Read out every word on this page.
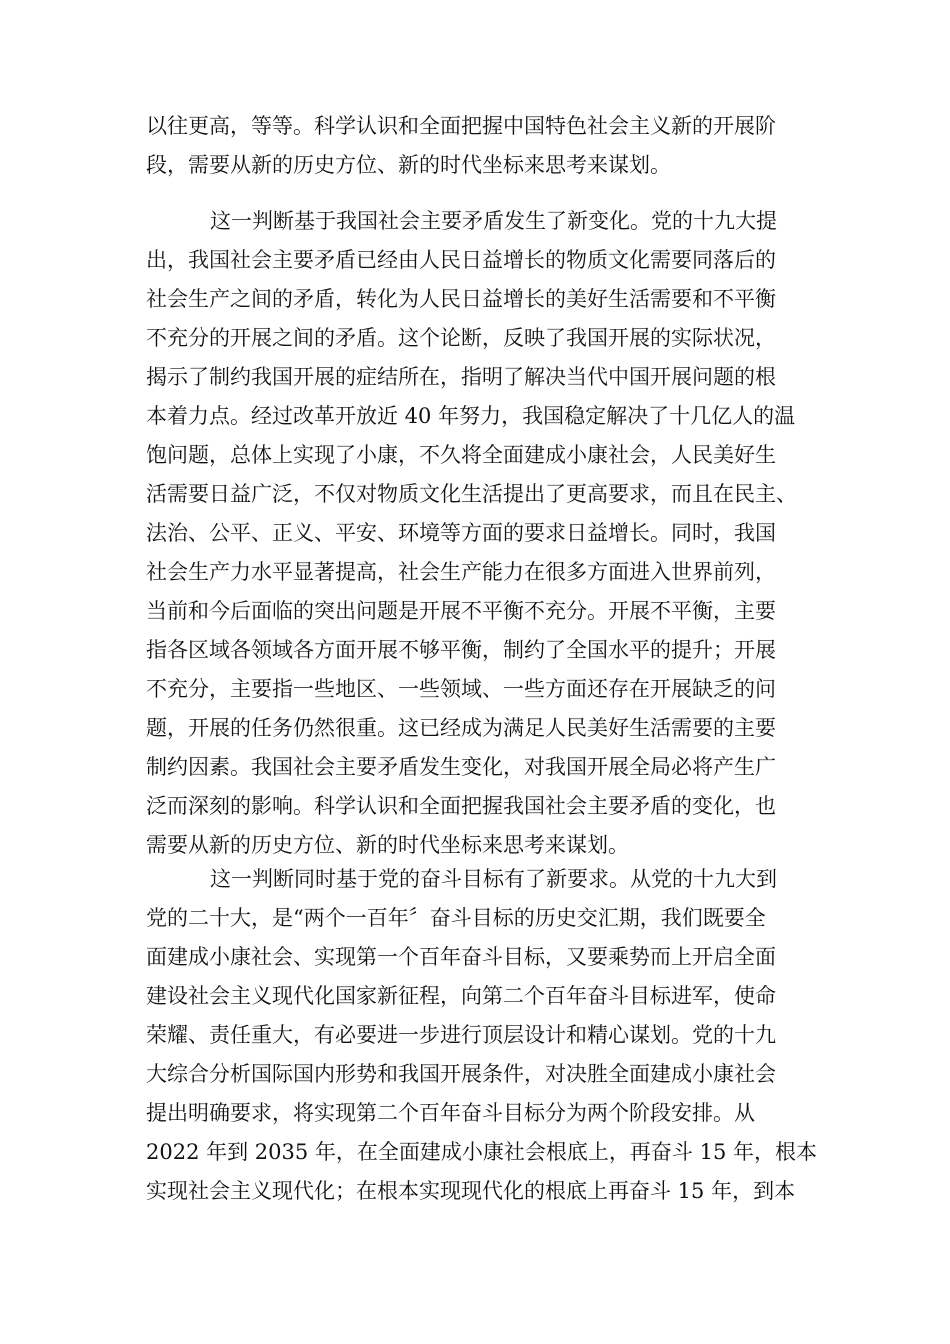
以往更高，等等。科学认识和全面把握中国特色社会主义新的开展阶
段，需要从新的历史方位、新的时代坐标来思考来谋划。
这一判断基于我国社会主要矛盾发生了新变化。党的十九大提
出，我国社会主要矛盾已经由人民日益增长的物质文化需要同落后的
社会生产之间的矛盾，转化为人民日益增长的美好生活需要和不平衡
不充分的开展之间的矛盾。这个论断，反映了我国开展的实际状况，
揭示了制约我国开展的症结所在，指明了解决当代中国开展问题的根
本着力点。经过改革开放近 40 年努力，我国稳定解决了十几亿人的温
饱问题，总体上实现了小康，不久将全面建成小康社会，人民美好生
活需要日益广泛，不仅对物质文化生活提出了更高要求，而且在民主、
法治、公平、正义、平安、环境等方面的要求日益增长。同时，我国
社会生产力水平显著提高，社会生产能力在很多方面进入世界前列，
当前和今后面临的突出问题是开展不平衡不充分。开展不平衡，主要
指各区域各领域各方面开展不够平衡，制约了全国水平的提升；开展
不充分，主要指一些地区、一些领域、一些方面还存在开展缺乏的问
题，开展的任务仍然很重。这已经成为满足人民美好生活需要的主要
制约因素。我国社会主要矛盾发生变化，对我国开展全局必将产生广
泛而深刻的影响。科学认识和全面把握我国社会主要矛盾的变化，也
需要从新的历史方位、新的时代坐标来思考来谋划。
这一判断同时基于党的奋斗目标有了新要求。从党的十九大到
党的二十大，是“两个一百年〞奋斗目标的历史交汇期，我们既要全
面建成小康社会、实现第一个百年奋斗目标，又要乘势而上开启全面
建设社会主义现代化国家新征程，向第二个百年奋斗目标进军，使命
荣耀、责任重大，有必要进一步进行顶层设计和精心谋划。党的十九
大综合分析国际国内形势和我国开展条件，对决胜全面建成小康社会
提出明确要求，将实现第二个百年奋斗目标分为两个阶段安排。从
2022 年到 2035 年，在全面建成小康社会根底上，再奋斗 15 年，根本
实现社会主义现代化；在根本实现现代化的根底上再奋斗 15 年，到本
